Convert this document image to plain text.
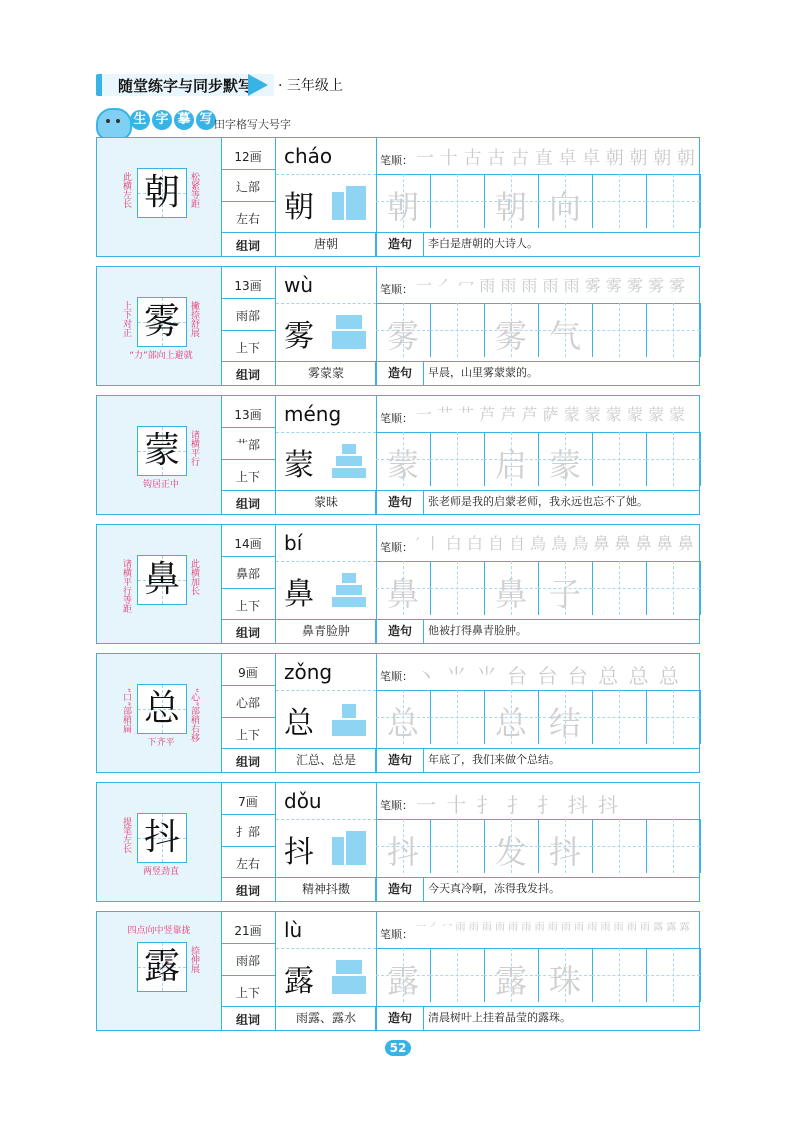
随堂练字与同步默写 · 三年级上
生 字 摹 写 田字格写大号字
朝
此横左长	松紧等距
12画
⻌部
左右
cháo
朝
笔顺： 一 十 古 古 古 直 卓 卓 朝 朝 朝 朝
朝 朝 向
组词	唐朝	造句	李白是唐朝的大诗人。
雾
上下对正	撇捺舒展
“力”部向上避就
13画
雨部
上下
wù
雾
笔顺： 一 ㇒ 冖 雨 雨 雨 雨 雨 雾 雾 雾 雾 雾
雾 雾 气
组词	雾蒙蒙	造句	早晨，山里雾蒙蒙的。
蒙	诸横平行
钩居正中
13画
艹部
上下
méng
蒙
笔顺： 一 艹 艹 芦 芦 芦 萨 蒙 蒙 蒙 蒙 蒙 蒙
蒙 启 蒙
组词	蒙昧	造句	张老师是我的启蒙老师，我永远也忘不了她。
鼻
诸横平行等距	此横加长
14画
鼻部
上下
bí
鼻
笔顺： ′ 丨 白 白 自 自 鳥 鳥 鳥 鼻 鼻 鼻 鼻 鼻
鼻 鼻 子
组词	鼻青脸肿	造句	他被打得鼻青脸肿。
总
“口”部稍扁	“心”部稍右移
下齐平
9画
心部
上下
zǒng
总
笔顺： 丶 ⺌ ⺌ 台 台 台 总 总 总
总 总 结
组词	汇总、总是	造句	年底了，我们来做个总结。
抖
提笔左长
两竖劲直
7画
扌部
左右
dǒu
抖
笔顺： 一 十 扌 扌 扌 抖 抖
抖 发 抖
组词	精神抖擞	造句	今天真冷啊，冻得我发抖。
露	捺伸展
四点向中竖靠拢	21画
雨部
上下
lù
露
笔顺：
一 ㇒ 冖 雨 雨 雨 雨 雨 雨 雨 雨 雨 雨 雨 雨 雨 雨 雨 露 露 露
露 露 珠
组词	雨露、露水	造句	清晨树叶上挂着晶莹的露珠。
52
